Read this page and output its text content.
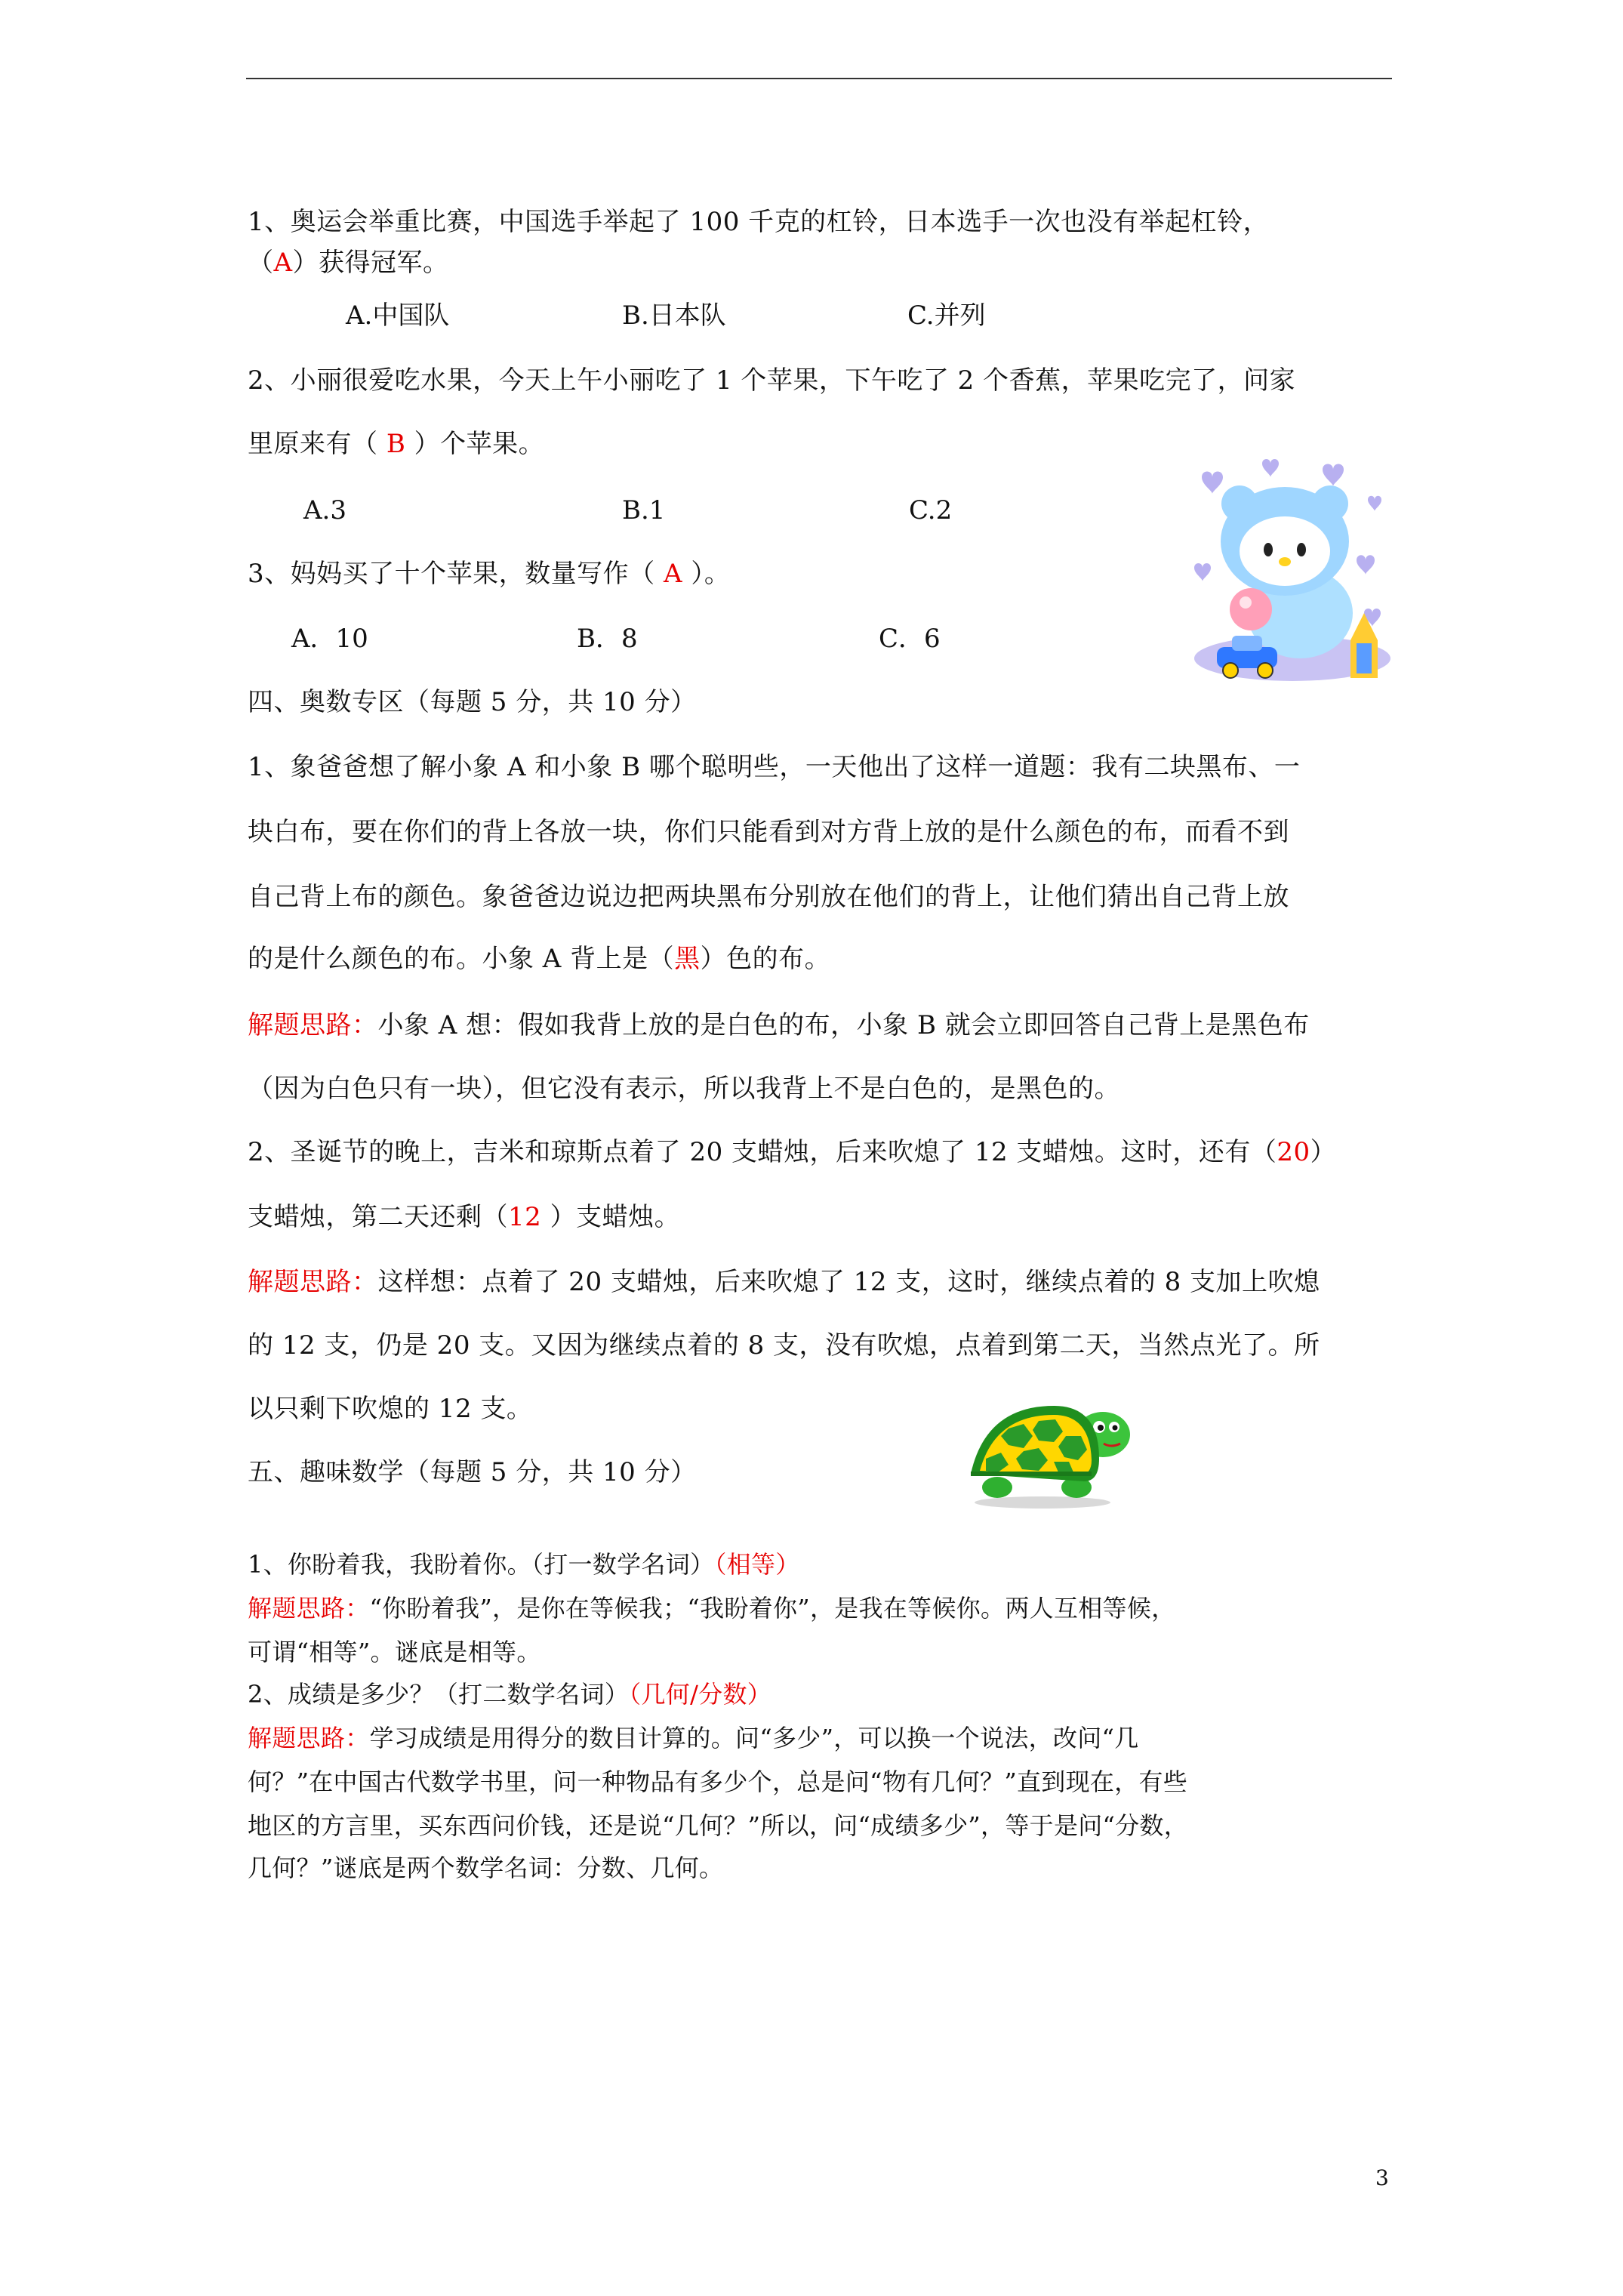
1、奥运会举重比赛，中国选手举起了 100 千克的杠铃，日本选手一次也没有举起杠铃，
（A）获得冠军。
A.中国队	B.日本队	C.并列
2、小丽很爱吃水果，今天上午小丽吃了 1 个苹果，下午吃了 2 个香蕉，苹果吃完了，问家
里原来有（ B ）个苹果。
A.3	B.1	C.2
3、妈妈买了十个苹果，数量写作（ A ）。
A．10	B．8	C．6
四、奥数专区（每题 5 分，共 10 分）
1、象爸爸想了解小象 A 和小象 B 哪个聪明些，一天他出了这样一道题：我有二块黑布、一
块白布，要在你们的背上各放一块，你们只能看到对方背上放的是什么颜色的布，而看不到
自己背上布的颜色。象爸爸边说边把两块黑布分别放在他们的背上，让他们猜出自己背上放
的是什么颜色的布。小象 A 背上是（黑）色的布。
解题思路：小象 A 想：假如我背上放的是白色的布，小象 B 就会立即回答自己背上是黑色布
（因为白色只有一块），但它没有表示，所以我背上不是白色的，是黑色的。
2、圣诞节的晚上，吉米和琼斯点着了 20 支蜡烛，后来吹熄了 12 支蜡烛。这时，还有（20）
支蜡烛，第二天还剩（12 ）支蜡烛。
解题思路：这样想：点着了 20 支蜡烛，后来吹熄了 12 支，这时，继续点着的 8 支加上吹熄
的 12 支，仍是 20 支。又因为继续点着的 8 支，没有吹熄，点着到第二天，当然点光了。所
以只剩下吹熄的 12 支。
五、趣味数学（每题 5 分，共 10 分）
1、你盼着我，我盼着你。（打一数学名词）（相等）
解题思路：“你盼着我”，是你在等候我；“我盼着你”，是我在等候你。两人互相等候，
可谓“相等”。谜底是相等。
2、成绩是多少？（打二数学名词）（几何/分数）
解题思路：学习成绩是用得分的数目计算的。问“多少”，可以换一个说法，改问“几
何？”在中国古代数学书里，问一种物品有多少个，总是问“物有几何？”直到现在，有些
地区的方言里，买东西问价钱，还是说“几何？”所以，问“成绩多少”，等于是问“分数，
几何？”谜底是两个数学名词：分数、几何。
3
